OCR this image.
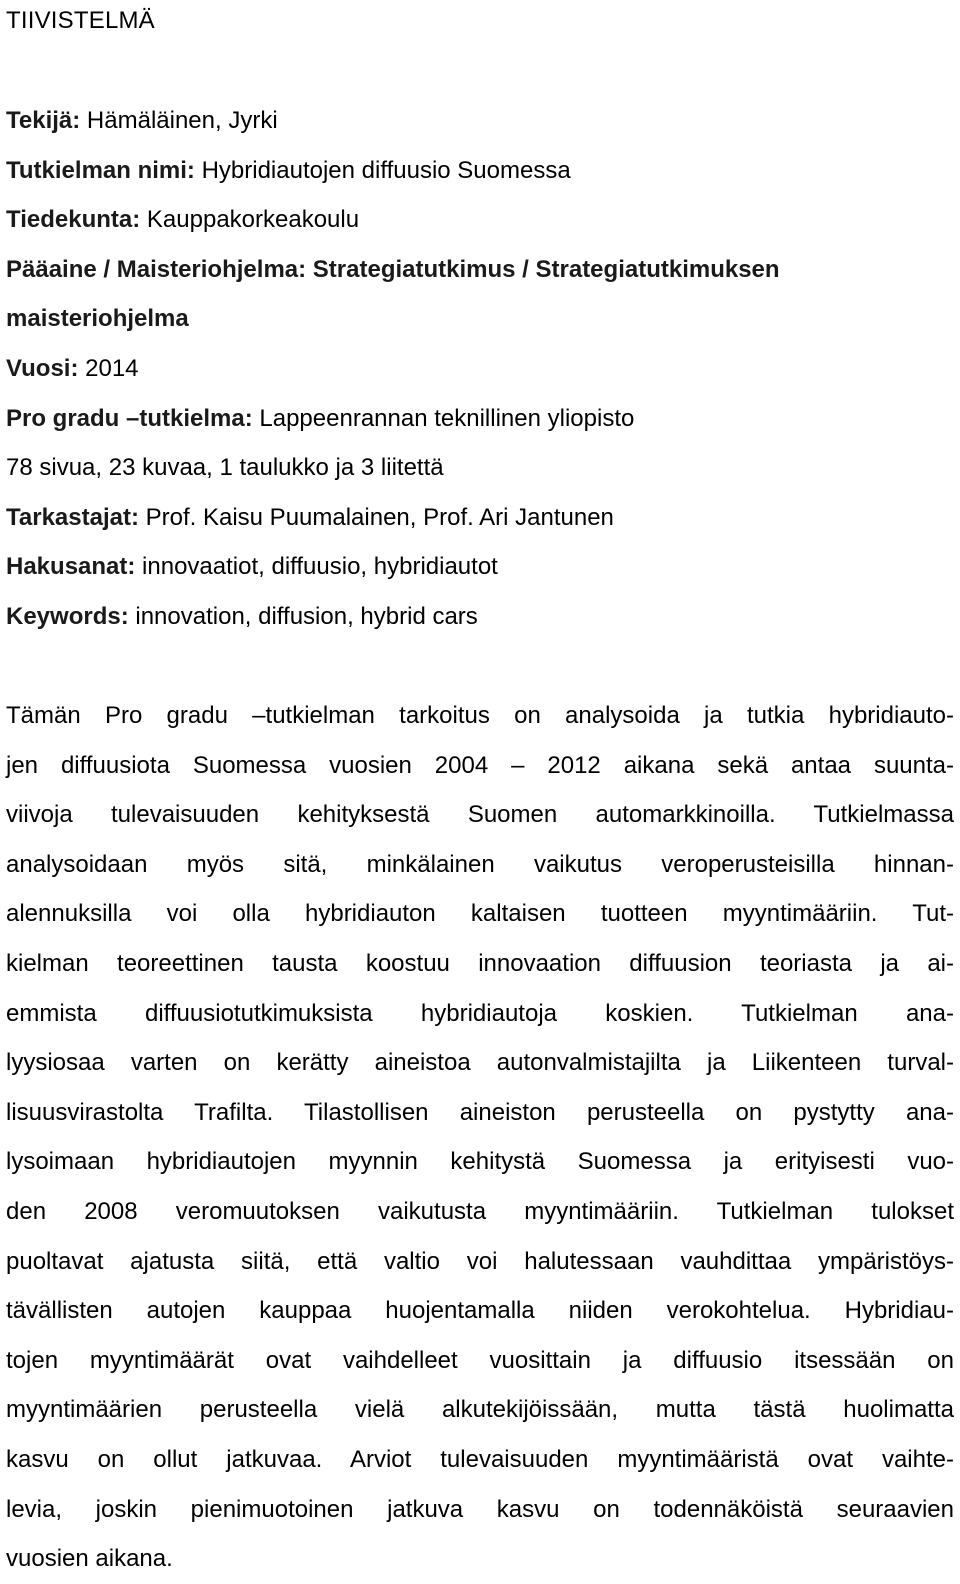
TIIVISTELMÄ
Tekijä: Hämäläinen, Jyrki
Tutkielman nimi: Hybridiautojen diffuusio Suomessa
Tiedekunta: Kauppakorkeakoulu
Pääaine / Maisteriohjelma: Strategiatutkimus / Strategiatutkimuksen
maisteriohjelma
Vuosi: 2014
Pro gradu –tutkielma: Lappeenrannan teknillinen yliopisto
78 sivua, 23 kuvaa, 1 taulukko ja 3 liitettä
Tarkastajat: Prof. Kaisu Puumalainen, Prof. Ari Jantunen
Hakusanat: innovaatiot, diffuusio, hybridiautot
Keywords: innovation, diffusion, hybrid cars
Tämän Pro gradu –tutkielman tarkoitus on analysoida ja tutkia hybridiauto-
jen diffuusiota Suomessa vuosien 2004 – 2012 aikana sekä antaa suunta-
viivoja tulevaisuuden kehityksestä Suomen automarkkinoilla. Tutkielmassa
analysoidaan myös sitä, minkälainen vaikutus veroperusteisilla hinnan-
alennuksilla voi olla hybridiauton kaltaisen tuotteen myyntimääriin. Tut-
kielman teoreettinen tausta koostuu innovaation diffuusion teoriasta ja ai-
emmista diffuusiotutkimuksista hybridiautoja koskien. Tutkielman ana-
lyysiosaa varten on kerätty aineistoa autonvalmistajilta ja Liikenteen turval-
lisuusvirastolta Trafilta. Tilastollisen aineiston perusteella on pystytty ana-
lysoimaan hybridiautojen myynnin kehitystä Suomessa ja erityisesti vuo-
den 2008 veromuutoksen vaikutusta myyntimääriin. Tutkielman tulokset
puoltavat ajatusta siitä, että valtio voi halutessaan vauhdittaa ympäristöys-
tävällisten autojen kauppaa huojentamalla niiden verokohtelua. Hybridiau-
tojen myyntimäärät ovat vaihdelleet vuosittain ja diffuusio itsessään on
myyntimäärien perusteella vielä alkutekijöissään, mutta tästä huolimatta
kasvu on ollut jatkuvaa. Arviot tulevaisuuden myyntimääristä ovat vaihte-
levia, joskin pienimuotoinen jatkuva kasvu on todennäköistä seuraavien
vuosien aikana.
